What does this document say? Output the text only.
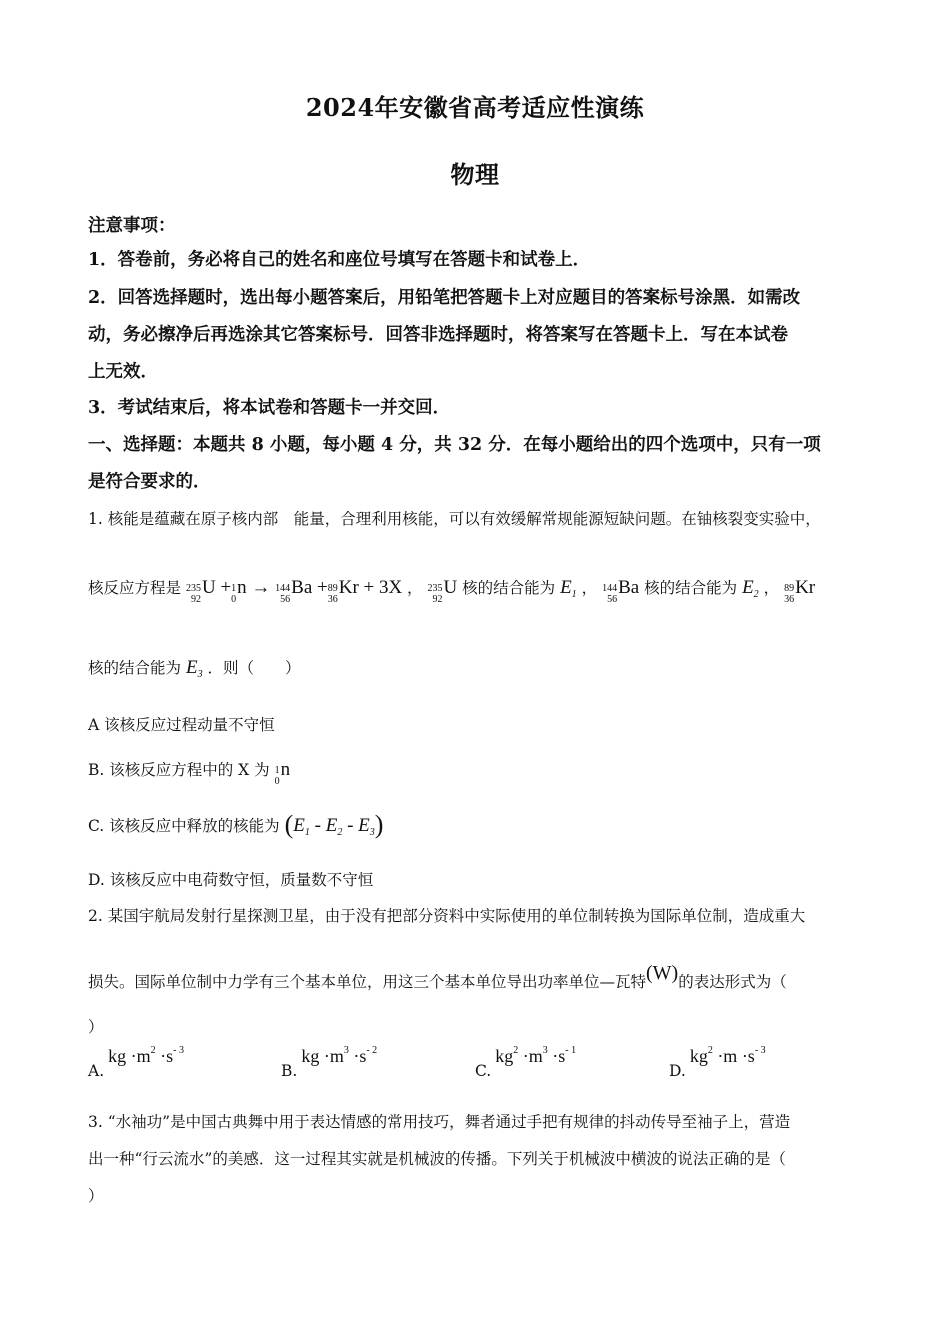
2024年安徽省高考适应性演练
物理
注意事项：
1．答卷前，务必将自己的姓名和座位号填写在答题卡和试卷上．
2．回答选择题时，选出每小题答案后，用铅笔把答题卡上对应题目的答案标号涂黑．如需改
动，务必擦净后再选涂其它答案标号．回答非选择题时，将答案写在答题卡上．写在本试卷
上无效．
3．考试结束后，将本试卷和答题卡一并交回．
一、选择题：本题共 8 小题，每小题 4 分，共 32 分．在每小题给出的四个选项中，只有一项
是符合要求的．
1. 核能是蕴藏在原子核内部　能量，合理利用核能，可以有效缓解常规能源短缺问题。在铀核裂变实验中，
核反应方程是 235
92
U + 1
0
n → 144
56
Ba + 89
36
Kr + 3X ， 235
92
U 核的结合能为 $E_1$ ， 144
56
Ba 核的结合能为 $E_2$ ， 89
36
Kr
核的结合能为 $E_3$ ．则（　　）
A 该核反应过程动量不守恒
B. 该核反应方程中的 X 为 1
0
n
C. 该核反应中释放的核能为 $(E_1 - E_2 - E_3)$
D. 该核反应中电荷数守恒，质量数不守恒
2. 某国宇航局发射行星探测卫星，由于没有把部分资料中实际使用的单位制转换为国际单位制，造成重大
损失。国际单位制中力学有三个基本单位，用这三个基本单位导出功率单位—瓦特(W)的表达形式为（
）
$A.kg \cdot m^2 \cdot s^{- 3}$
$B.kg \cdot m^3 \cdot s^{- 2}$
$C.kg^2 \cdot m^3 \cdot s^{- 1}$
$D.kg^2 \cdot m \cdot s^{- 3}$
3. “水袖功”是中国古典舞中用于表达情感的常用技巧，舞者通过手把有规律的抖动传导至袖子上，营造
出一种“行云流水”的美感．这一过程其实就是机械波的传播。下列关于机械波中横波的说法正确的是（
）
